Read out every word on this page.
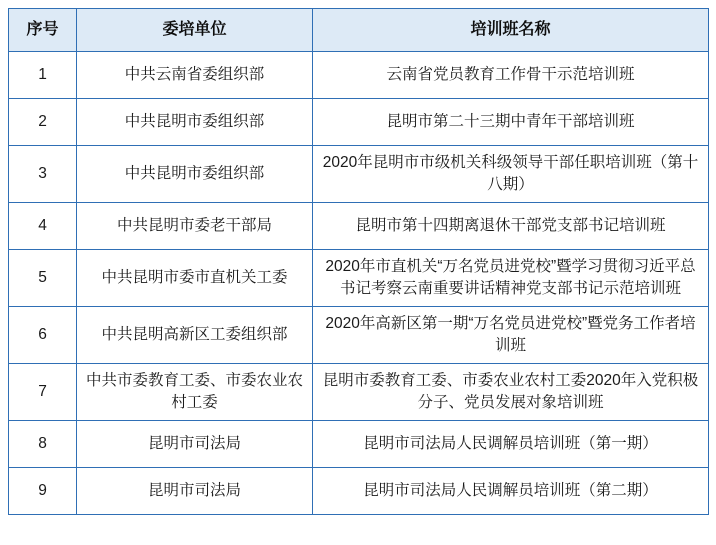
序号	委培单位	培训班名称
1	中共云南省委组织部	云南省党员教育工作骨干示范培训班
2	中共昆明市委组织部	昆明市第二十三期中青年干部培训班
3	中共昆明市委组织部	2020年昆明市市级机关科级领导干部任职培训班（第十八期）
4	中共昆明市委老干部局	昆明市第十四期离退休干部党支部书记培训班
5	中共昆明市委市直机关工委	2020年市直机关“万名党员进党校”暨学习贯彻习近平总书记考察云南重要讲话精神党支部书记示范培训班
6	中共昆明高新区工委组织部	2020年高新区第一期“万名党员进党校”暨党务工作者培训班
7	中共市委教育工委、市委农业农村工委	昆明市委教育工委、市委农业农村工委2020年入党积极分子、党员发展对象培训班
8	昆明市司法局	昆明市司法局人民调解员培训班（第一期）
9	昆明市司法局	昆明市司法局人民调解员培训班（第二期）
